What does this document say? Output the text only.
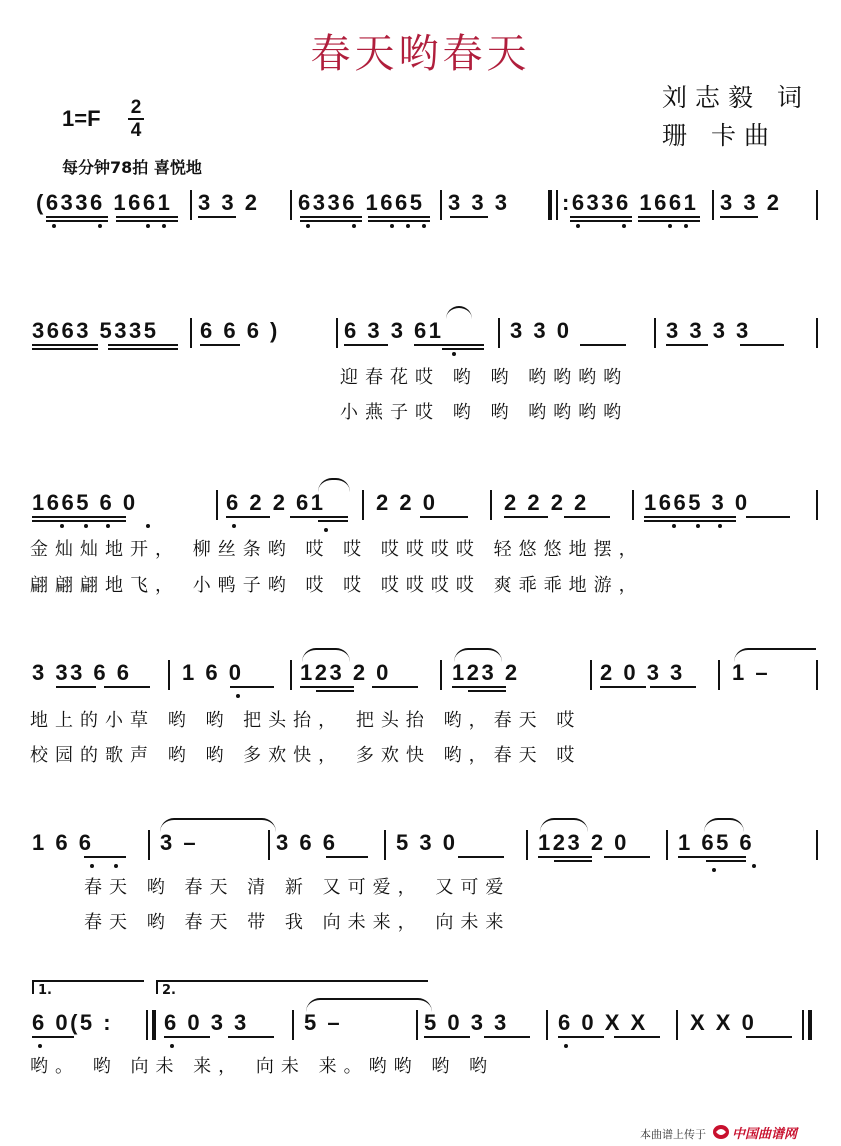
春天哟春天
刘志毅 词
珊 卡曲
1=F 2
4
每分钟78拍 喜悦地
(6336 1661 3 3 2 6336 1665 3 3 3 :6336 1661 3 3 2
3663 5335 6 6 6 )	6 3 3 61	3 3 0	3 3 3 3
迎春花哎 哟 哟 哟哟哟哟
小燕子哎 哟 哟 哟哟哟哟
1665 6 0	6 2 2 61 2 2 0	2 2 2 2	1665 3 0
金灿灿地开， 柳丝条哟 哎 哎 哎哎哎哎 轻悠悠地摆，
翩翩翩地飞， 小鸭子哟 哎 哎 哎哎哎哎 爽乖乖地游，
3 33 6 6 1 6 0	123 2 0	123 2	2 0 3 3 1 –
地上的小草 哟 哟 把头抬， 把头抬 哟，春天 哎
校园的歌声 哟 哟 多欢快， 多欢快 哟，春天 哎
1 6 6	3 –	3 6 6	5 3 0	123 2 0 1 65 6
春天 哟 春天 清 新 又可爱， 又可爱
春天 哟 春天 带 我 向未来， 向未来
1.	2.
6 0(5 : 6 0 3 3	5 –	5 0 3 3 6 0 X X X X 0
哟。 哟 向未 来， 向未 来。哟哟 哟 哟
本曲谱上传于 中国曲谱网
